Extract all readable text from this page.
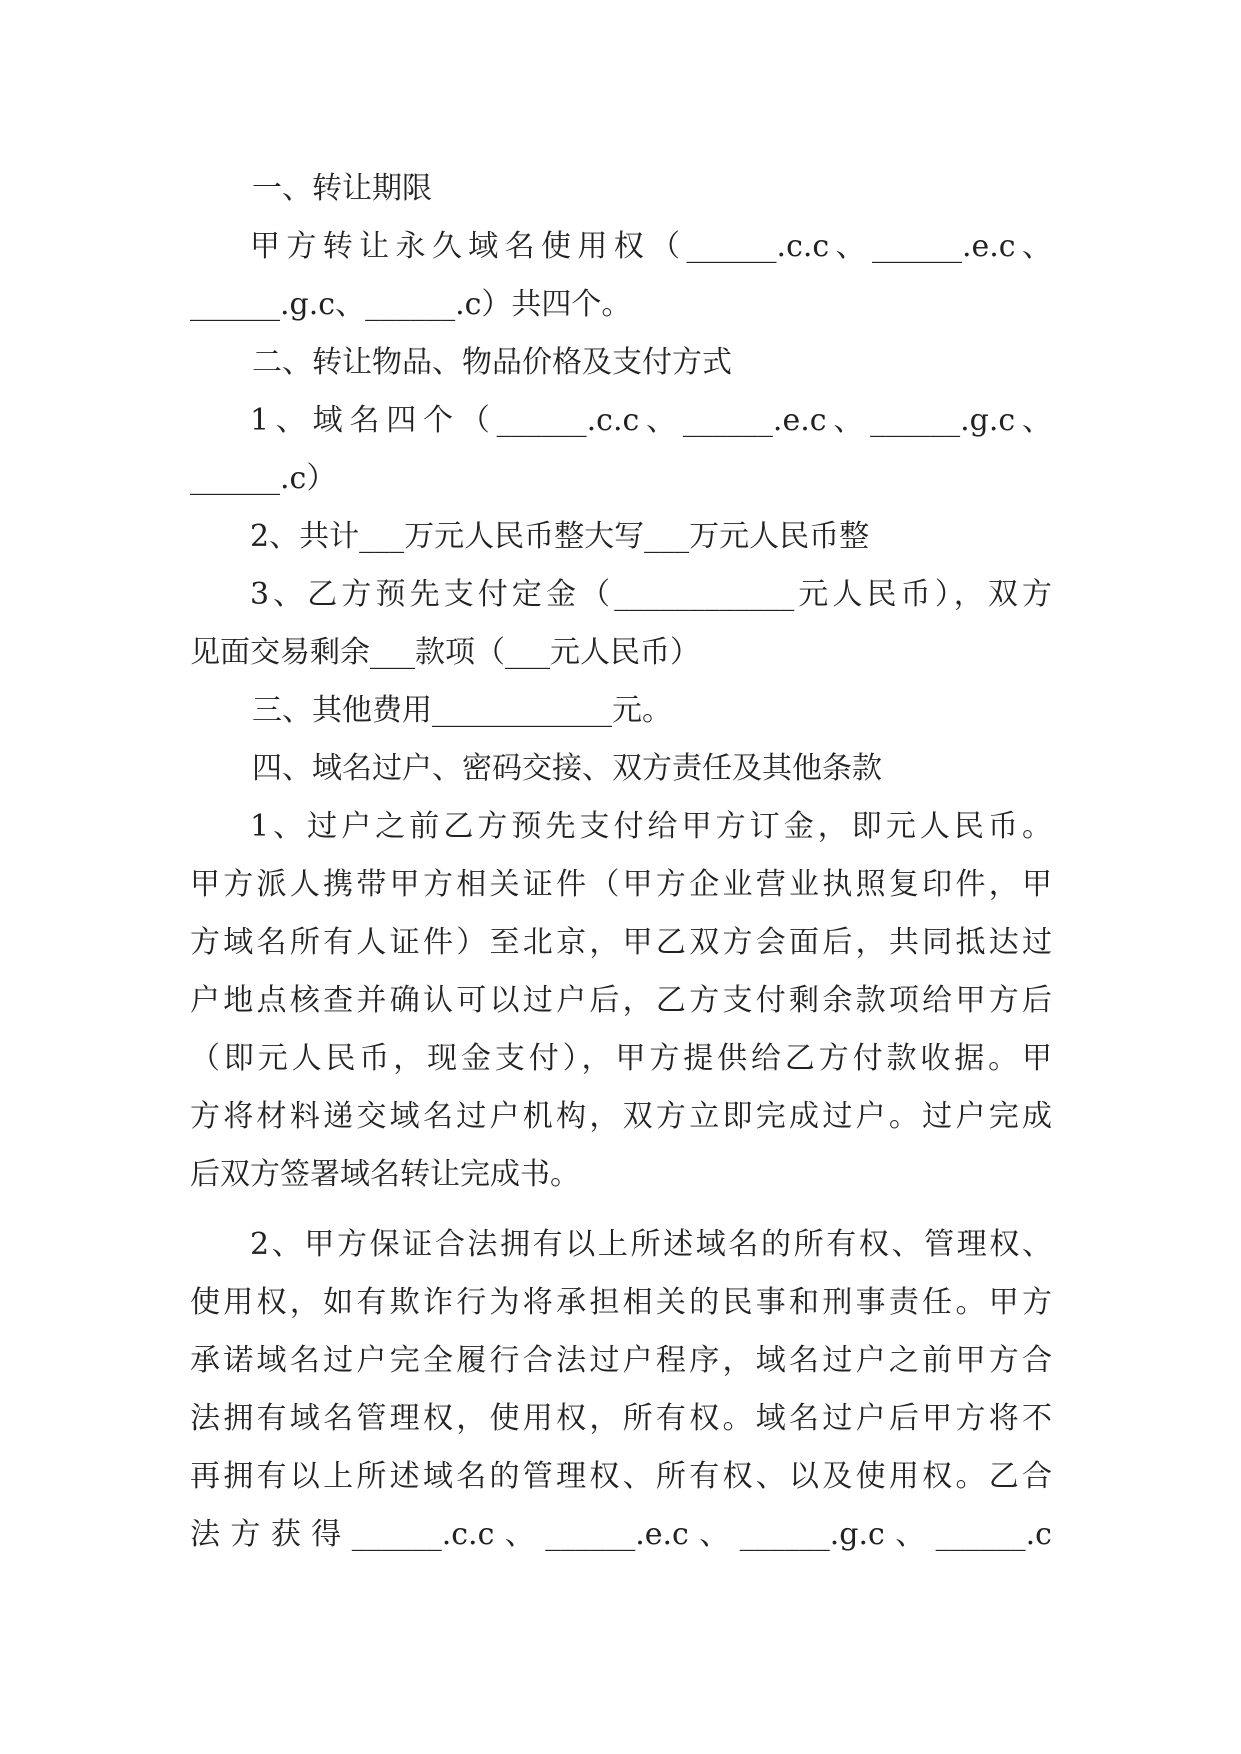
一、转让期限
甲方转让永久域名使用权（______.c.c、______.e.c、
______.g.c、______.c）共四个。
二、转让物品、物品价格及支付方式
1、域名四个（______.c.c、______.e.c、______.g.c、
______.c）
2、共计___万元人民币整大写___万元人民币整
3、乙方预先支付定金（____________元人民币），双方
见面交易剩余___款项（___元人民币）
三、其他费用____________元。
四、域名过户、密码交接、双方责任及其他条款
1、过户之前乙方预先支付给甲方订金，即元人民币。
甲方派人携带甲方相关证件（甲方企业营业执照复印件，甲
方域名所有人证件）至北京，甲乙双方会面后，共同抵达过
户地点核查并确认可以过户后，乙方支付剩余款项给甲方后
（即元人民币，现金支付），甲方提供给乙方付款收据。甲
方将材料递交域名过户机构，双方立即完成过户。过户完成
后双方签署域名转让完成书。
2、甲方保证合法拥有以上所述域名的所有权、管理权、
使用权，如有欺诈行为将承担相关的民事和刑事责任。甲方
承诺域名过户完全履行合法过户程序，域名过户之前甲方合
法拥有域名管理权，使用权，所有权。域名过户后甲方将不
再拥有以上所述域名的管理权、所有权、以及使用权。乙合
法方获得______.c.c、______.e.c、______.g.c、______.c
